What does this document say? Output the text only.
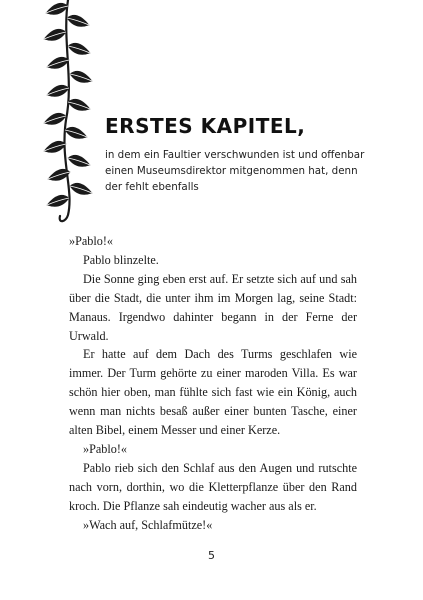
ERSTES KAPITEL,
in dem ein Faultier verschwunden ist und offenbar
einen Museumsdirektor mitgenommen hat, denn
der fehlt ebenfalls

»Pablo!«

Pablo blinzelte.

Die Sonne ging eben erst auf. Er setzte sich auf und sah über die Stadt, die unter ihm im Morgen lag, seine Stadt: Manaus. Irgendwo dahinter begann in der Ferne der Urwald.

Er hatte auf dem Dach des Turms geschlafen wie immer. Der Turm gehörte zu einer maroden Villa. Es war schön hier oben, man fühlte sich fast wie ein König, auch wenn man nichts besaß außer einer bunten Tasche, einer alten Bibel, einem Messer und einer Kerze.

»Pablo!«

Pablo rieb sich den Schlaf aus den Augen und rutschte nach vorn, dorthin, wo die Kletterpflanze über den Rand kroch. Die Pflanze sah eindeutig wacher aus als er.

»Wach auf, Schlafmütze!«

5
